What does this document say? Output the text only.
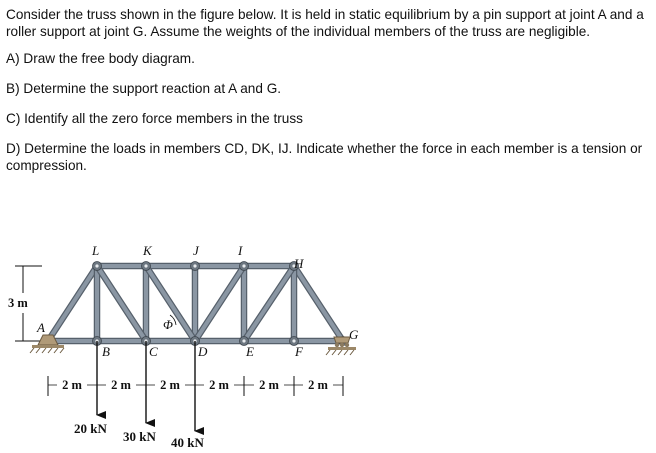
Consider the truss shown in the figure below. It is held in static equilibrium by a pin support at joint A and a roller support at joint G. Assume the weights of the individual members of the truss are negligible.

A) Draw the free body diagram.

B) Determine the support reaction at A and G.

C) Identify all the zero force members in the truss

D) Determine the loads in members CD, DK, IJ. Indicate whether the force in each member is a tension or compression.

3 m
L	K	J	I
H
A
B	C	D	E	F
G
Φ
2 m 2 m 2 m 2 m 2 m 2 m
20 kN
30 kN 40 kN
